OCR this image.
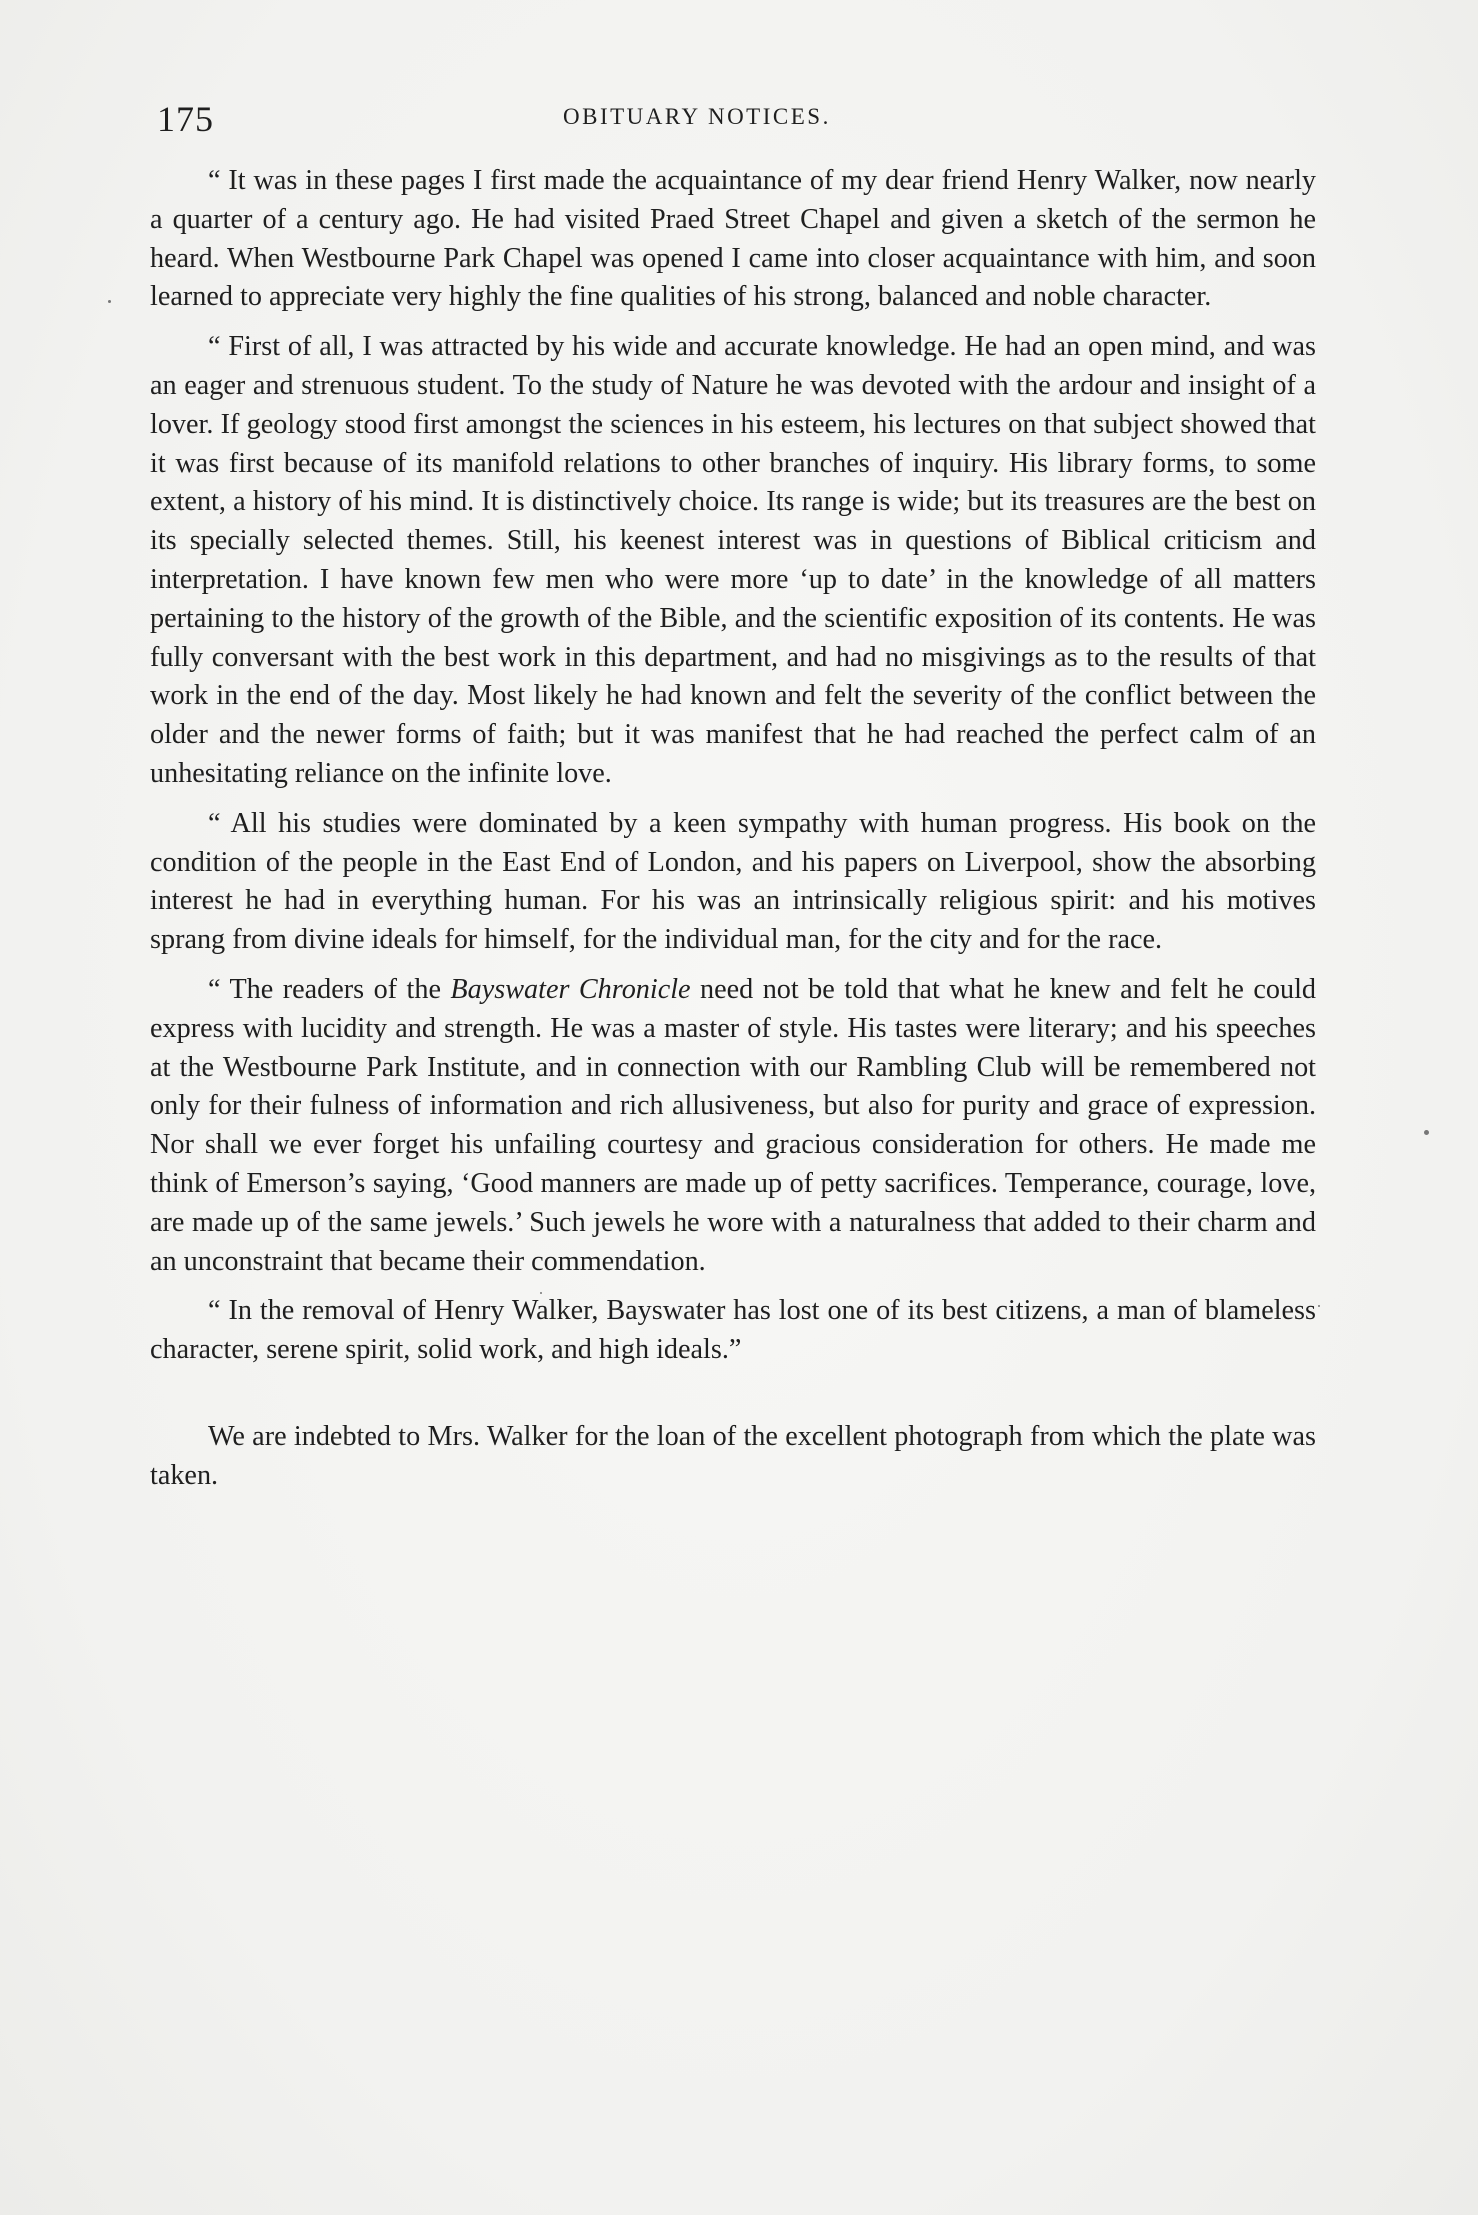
175	OBITUARY NOTICES.

“ It was in these pages I first made the acquaintance of my dear friend Henry Walker, now nearly a quarter of a century ago. He had visited Praed Street Chapel and given a sketch of the sermon he heard. When Westbourne Park Chapel was opened I came into closer acquaintance with him, and soon learned to appreciate very highly the fine qualities of his strong, balanced and noble character.

“ First of all, I was attracted by his wide and accurate knowledge. He had an open mind, and was an eager and strenuous student. To the study of Nature he was devoted with the ardour and insight of a lover. If geology stood first amongst the sciences in his esteem, his lectures on that subject showed that it was first because of its manifold relations to other branches of inquiry. His library forms, to some extent, a history of his mind. It is distinctively choice. Its range is wide; but its treasures are the best on its specially selected themes. Still, his keenest interest was in questions of Biblical criticism and interpretation. I have known few men who were more ‘up to date’ in the knowledge of all matters pertaining to the history of the growth of the Bible, and the scientific exposition of its contents. He was fully conversant with the best work in this department, and had no misgivings as to the results of that work in the end of the day. Most likely he had known and felt the severity of the conflict between the older and the newer forms of faith; but it was manifest that he had reached the perfect calm of an unhesitating reliance on the infinite love.

“ All his studies were dominated by a keen sympathy with human progress. His book on the condition of the people in the East End of London, and his papers on Liverpool, show the absorbing interest he had in everything human. For his was an intrinsically religious spirit: and his motives sprang from divine ideals for himself, for the individual man, for the city and for the race.

“ The readers of the Bayswater Chronicle need not be told that what he knew and felt he could express with lucidity and strength. He was a master of style. His tastes were literary; and his speeches at the Westbourne Park Institute, and in connection with our Rambling Club will be remembered not only for their fulness of information and rich allusiveness, but also for purity and grace of expression. Nor shall we ever forget his unfailing courtesy and gracious consideration for others. He made me think of Emerson’s saying, ‘Good manners are made up of petty sacrifices. Temperance, courage, love, are made up of the same jewels.’ Such jewels he wore with a naturalness that added to their charm and an unconstraint that became their commendation.

“ In the removal of Henry Walker, Bayswater has lost one of its best citizens, a man of blameless character, serene spirit, solid work, and high ideals.”

We are indebted to Mrs. Walker for the loan of the excellent photograph from which the plate was taken.
